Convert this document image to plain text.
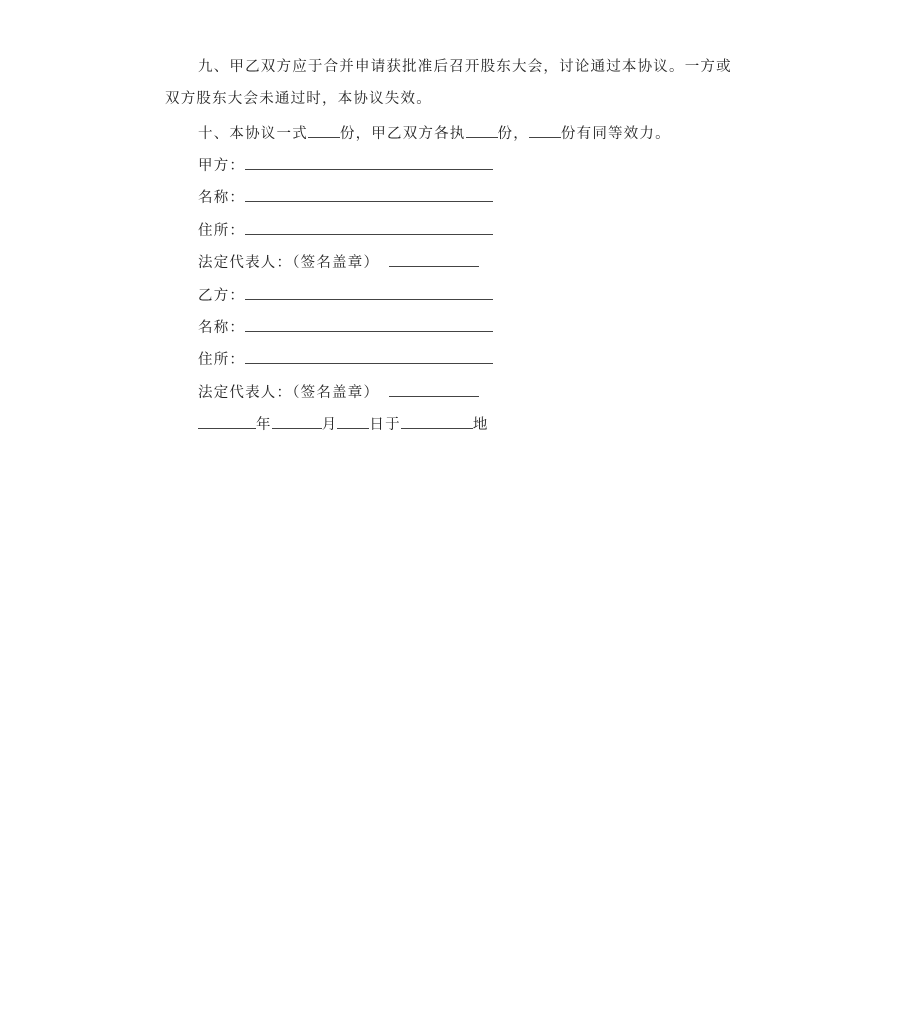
九、甲乙双方应于合并申请获批准后召开股东大会，讨论通过本协议。一方或
双方股东大会未通过时，本协议失效。
十、本协议一式 份，甲乙双方各执 份， 份有同等效力。
甲方：
名称：
住所：
法定代表人：（签名盖章）
乙方：
名称：
住所：
法定代表人：（签名盖章）
年	月 日于	地
